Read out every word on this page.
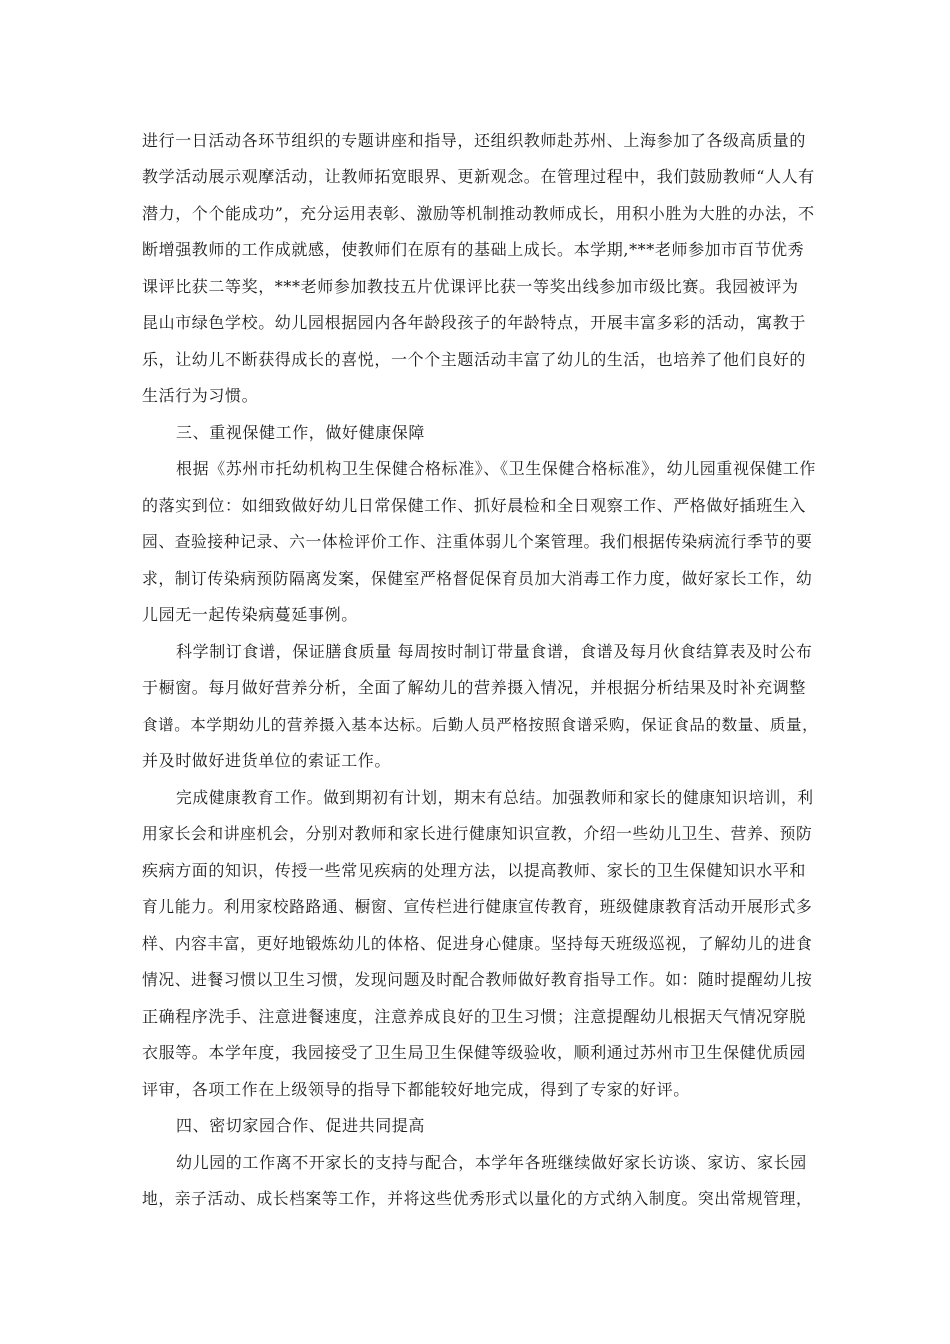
进行一日活动各环节组织的专题讲座和指导，还组织教师赴苏州、上海参加了各级高质量的
教学活动展示观摩活动，让教师拓宽眼界、更新观念。在管理过程中，我们鼓励教师“人人有
潜力，个个能成功”，充分运用表彰、激励等机制推动教师成长，用积小胜为大胜的办法，不
断增强教师的工作成就感，使教师们在原有的基础上成长。本学期,***老师参加市百节优秀
课评比获二等奖，***老师参加教技五片优课评比获一等奖出线参加市级比赛。我园被评为
昆山市绿色学校。幼儿园根据园内各年龄段孩子的年龄特点，开展丰富多彩的活动，寓教于
乐，让幼儿不断获得成长的喜悦，一个个主题活动丰富了幼儿的生活，也培养了他们良好的
生活行为习惯。
三、重视保健工作，做好健康保障
根据《苏州市托幼机构卫生保健合格标准》、《卫生保健合格标准》，幼儿园重视保健工作
的落实到位：如细致做好幼儿日常保健工作、抓好晨检和全日观察工作、严格做好插班生入
园、查验接种记录、六一体检评价工作、注重体弱儿个案管理。我们根据传染病流行季节的要
求，制订传染病预防隔离发案，保健室严格督促保育员加大消毒工作力度，做好家长工作，幼
儿园无一起传染病蔓延事例。
科学制订食谱，保证膳食质量 每周按时制订带量食谱，食谱及每月伙食结算表及时公布
于橱窗。每月做好营养分析，全面了解幼儿的营养摄入情况，并根据分析结果及时补充调整
食谱。本学期幼儿的营养摄入基本达标。后勤人员严格按照食谱采购，保证食品的数量、质量，
并及时做好进货单位的索证工作。
完成健康教育工作。做到期初有计划，期末有总结。加强教师和家长的健康知识培训，利
用家长会和讲座机会，分别对教师和家长进行健康知识宣教，介绍一些幼儿卫生、营养、预防
疾病方面的知识，传授一些常见疾病的处理方法，以提高教师、家长的卫生保健知识水平和
育儿能力。利用家校路路通、橱窗、宣传栏进行健康宣传教育，班级健康教育活动开展形式多
样、内容丰富，更好地锻炼幼儿的体格、促进身心健康。坚持每天班级巡视，了解幼儿的进食
情况、进餐习惯以卫生习惯，发现问题及时配合教师做好教育指导工作。如：随时提醒幼儿按
正确程序洗手、注意进餐速度，注意养成良好的卫生习惯；注意提醒幼儿根据天气情况穿脱
衣服等。本学年度，我园接受了卫生局卫生保健等级验收，顺利通过苏州市卫生保健优质园
评审，各项工作在上级领导的指导下都能较好地完成，得到了专家的好评。
四、密切家园合作、促进共同提高
幼儿园的工作离不开家长的支持与配合，本学年各班继续做好家长访谈、家访、家长园
地，亲子活动、成长档案等工作，并将这些优秀形式以量化的方式纳入制度。突出常规管理，
